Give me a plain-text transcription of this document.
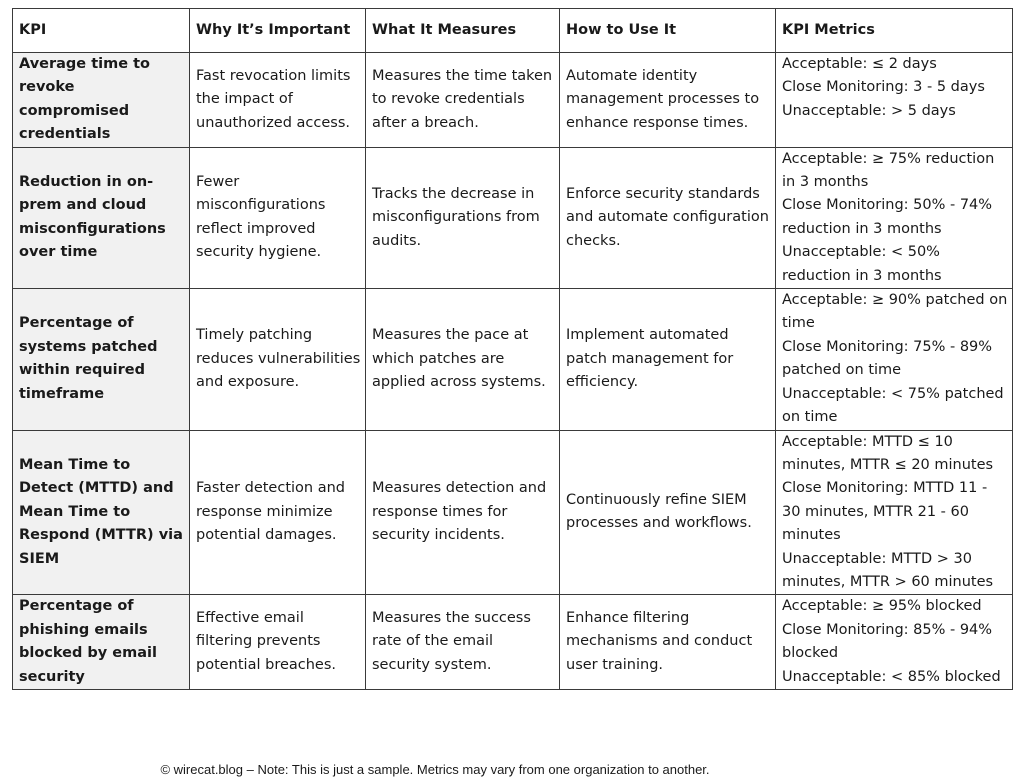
KPI	Why It’s Important	What It Measures	How to Use It	KPI Metrics
Average time to revoke compromised credentials	Fast revocation limits the impact of unauthorized access.	Measures the time taken to revoke credentials after a breach.	Automate identity management processes to enhance response times.	Acceptable: ≤ 2 days
Close Monitoring: 3 - 5 days
Unacceptable: > 5 days

Reduction in on-prem and cloud misconfigurations over time	Fewer misconfigurations reflect improved security hygiene.	Tracks the decrease in misconfigurations from audits.	Enforce security standards and automate configuration checks.	Acceptable: ≥ 75% reduction in 3 months
Close Monitoring: 50% - 74% reduction in 3 months
Unacceptable: < 50% reduction in 3 months

Percentage of systems patched within required timeframe	Timely patching reduces vulnerabilities and exposure.	Measures the pace at which patches are applied across systems.	Implement automated patch management for efficiency.	Acceptable: ≥ 90% patched on time
Close Monitoring: 75% - 89% patched on time
Unacceptable: < 75% patched on time

Mean Time to Detect (MTTD) and Mean Time to Respond (MTTR) via SIEM	Faster detection and response minimize potential damages.	Measures detection and response times for security incidents.	Continuously refine SIEM processes and workflows.	Acceptable: MTTD ≤ 10 minutes, MTTR ≤ 20 minutes
Close Monitoring: MTTD 11 - 30 minutes, MTTR 21 - 60 minutes
Unacceptable: MTTD > 30 minutes, MTTR > 60 minutes

Percentage of phishing emails blocked by email security	Effective email filtering prevents potential breaches.	Measures the success rate of the email security system.	Enhance filtering mechanisms and conduct user training.	Acceptable: ≥ 95% blocked
Close Monitoring: 85% - 94% blocked
Unacceptable: < 85% blocked
© wirecat.blog – Note: This is just a sample. Metrics may vary from one organization to another.
